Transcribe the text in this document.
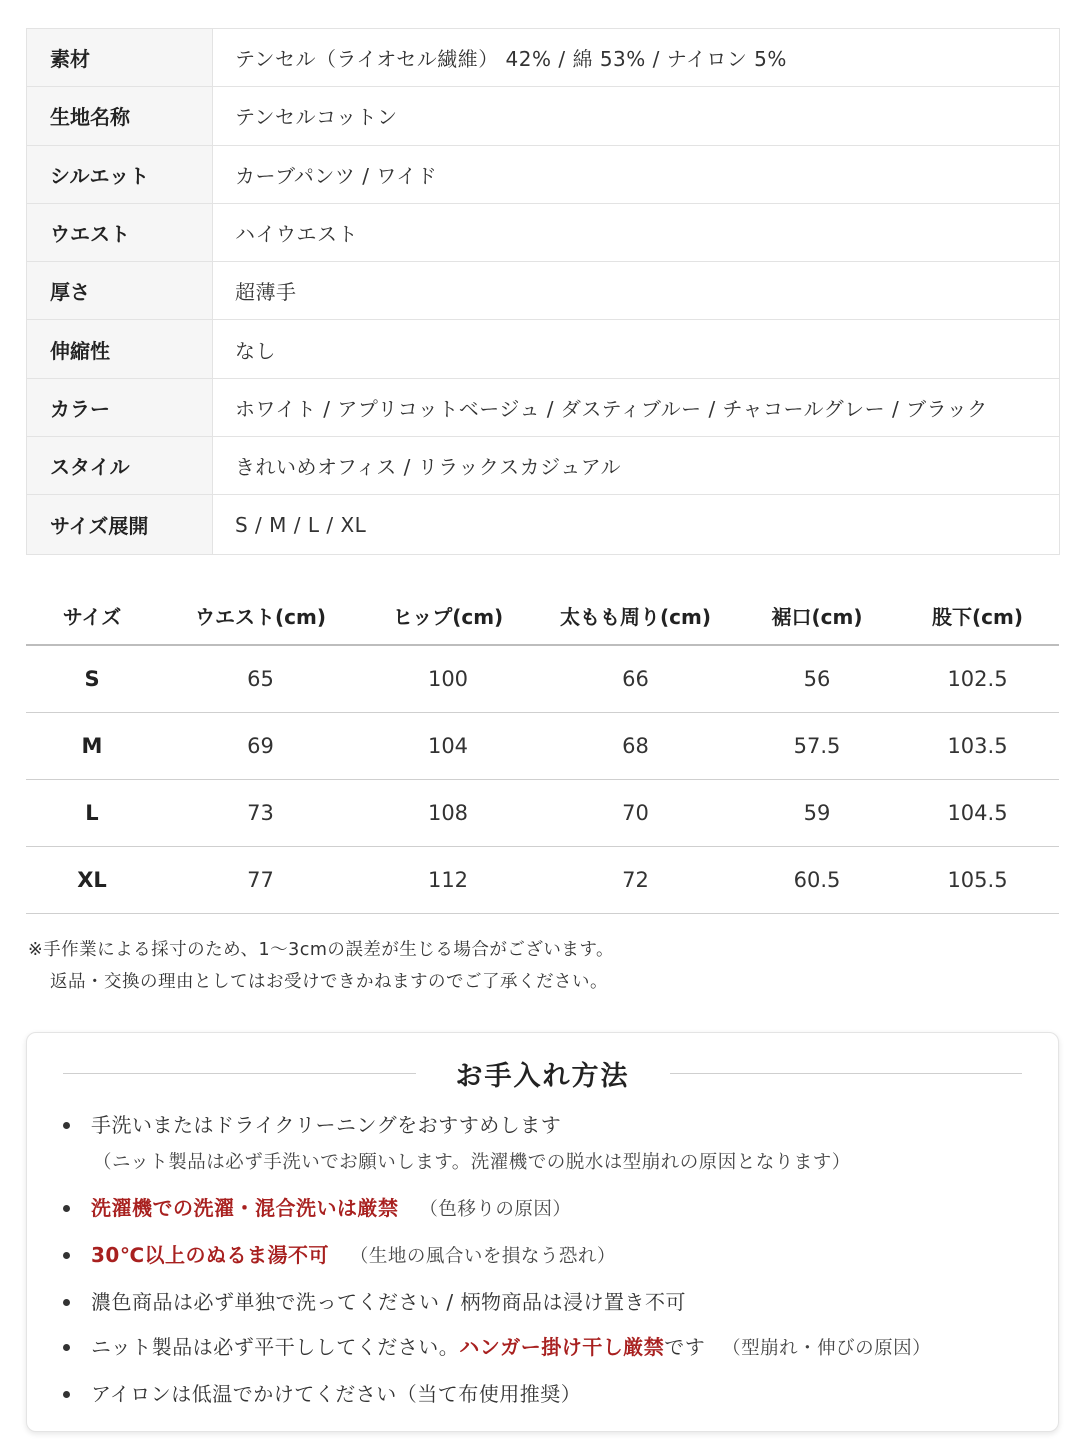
素材	テンセル（ライオセル繊維） 42% / 綿 53% / ナイロン 5%
生地名称	テンセルコットン
シルエット	カーブパンツ / ワイド
ウエスト	ハイウエスト
厚さ	超薄手
伸縮性	なし
カラー	ホワイト / アプリコットベージュ / ダスティブルー / チャコールグレー / ブラック
スタイル	きれいめオフィス / リラックスカジュアル
サイズ展開	S / M / L / XL
サイズ	ウエスト(cm)	ヒップ(cm)	太もも周り(cm)	裾口(cm)	股下(cm)
S	65	100	66	56	102.5
M	69	104	68	57.5	103.5
L	73	108	70	59	104.5
XL	77	112	72	60.5	105.5
※手作業による採寸のため、1〜3cmの誤差が生じる場合がございます。
返品・交換の理由としてはお受けできかねますのでご了承ください。
お手入れ方法
手洗いまたはドライクリーニングをおすすめします
（ニット製品は必ず手洗いでお願いします。洗濯機での脱水は型崩れの原因となります）
洗濯機での洗濯・混合洗いは厳禁 （色移りの原因）
30℃以上のぬるま湯不可 （生地の風合いを損なう恐れ）
濃色商品は必ず単独で洗ってください / 柄物商品は浸け置き不可
ニット製品は必ず平干ししてください。ハンガー掛け干し厳禁です （型崩れ・伸びの原因）
アイロンは低温でかけてください（当て布使用推奨）
